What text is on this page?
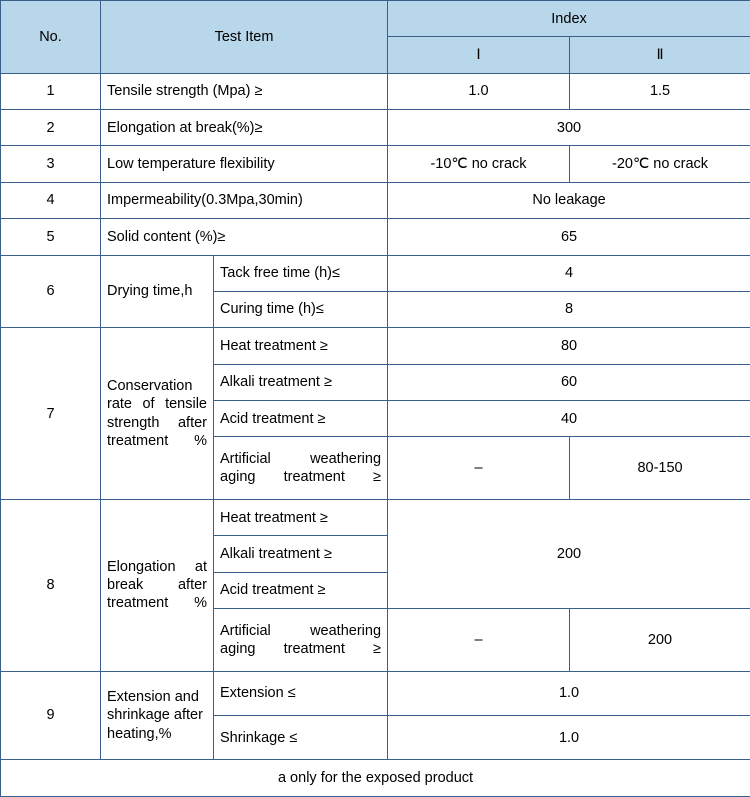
No.	Test Item		Index	
			Ⅰ	Ⅱ
1	Tensile strength (Mpa) ≥		1.0	1.5
2	Elongation at break(%)≥		300	
3	Low temperature flexibility		-10℃ no crack	-20℃ no crack
4	Impermeability(0.3Mpa,30min)		No leakage	
5	Solid content (%)≥		65	
6	Drying time,h	Tack free time (h)≤	4	
		Curing time (h)≤	8	
7	Conservation rate of tensile strength after treatment %	Heat treatment ≥	80	
		Alkali treatment ≥	60	
		Acid treatment ≥	40	
		Artificial weathering aging treatment ≥	–	80-150
8	Elongation at break after treatment %	Heat treatment ≥	200	
		Alkali treatment ≥		
		Acid treatment ≥		
		Artificial weathering aging treatment ≥	–	200
9	Extension and shrinkage after heating,%	Extension ≤	1.0	
		Shrinkage ≤	1.0	
a only for the exposed product				
